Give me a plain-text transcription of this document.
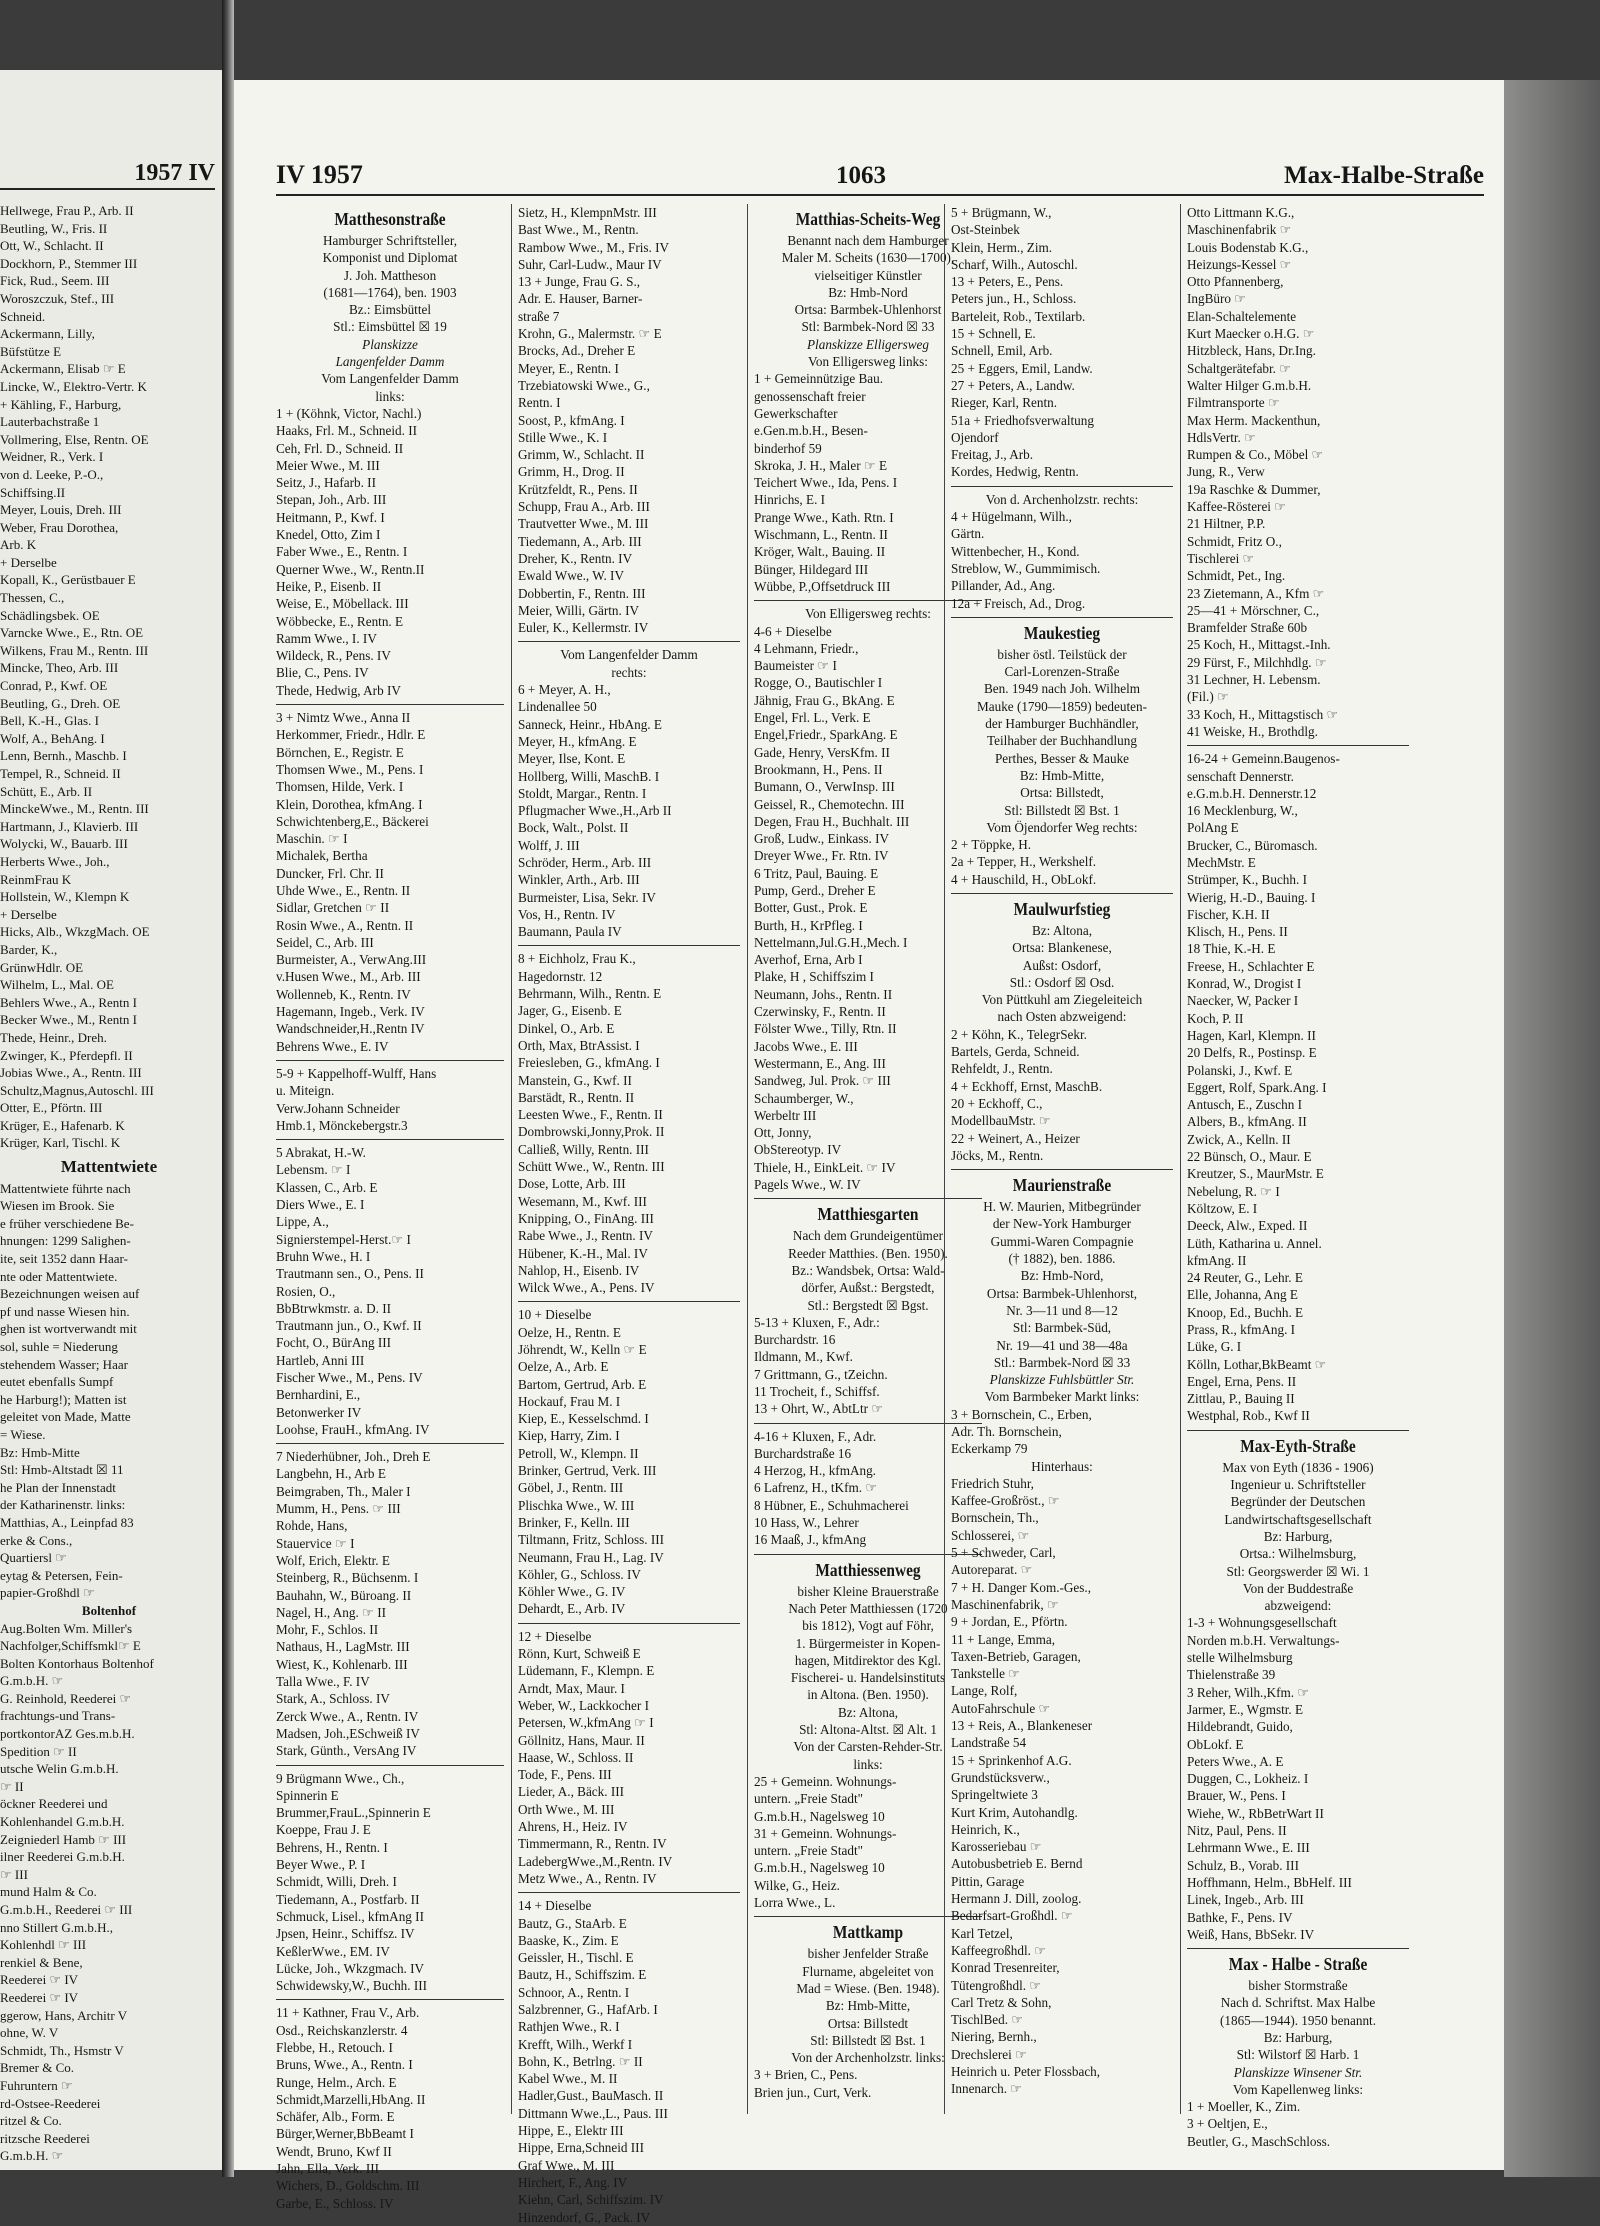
1957 IV
Hellwege, Frau P., Arb. II
Beutling, W., Fris. II
Ott, W., Schlacht. II
Dockhorn, P., Stemmer III
Fick, Rud., Seem. III
Woroszczuk, Stef., III
Schneid.
Ackermann, Lilly,
Büfstütze E
Ackermann, Elisab ☞ E
Lincke, W., Elektro-Vertr. K
+ Kähling, F., Harburg,
Lauterbachstraße 1
Vollmering, Else, Rentn. OE
Weidner, R., Verk. I
von d. Leeke, P.-O.,
Schiffsing.II
Meyer, Louis, Dreh. III
Weber, Frau Dorothea,
Arb. K
+ Derselbe
Kopall, K., Gerüstbauer E
Thessen, C.,
Schädlingsbek. OE
Varncke Wwe., E., Rtn. OE
Wilkens, Frau M., Rentn. III
Mincke, Theo, Arb. III
Conrad, P., Kwf. OE
Beutling, G., Dreh. OE
Bell, K.-H., Glas. I
Wolf, A., BehAng. I
Lenn, Bernh., Maschb. I
Tempel, R., Schneid. II
Schütt, E., Arb. II
MinckeWwe., M., Rentn. III
Hartmann, J., Klavierb. III
Wolycki, W., Bauarb. III
Herberts Wwe., Joh.,
ReinmFrau K
Hollstein, W., Klempn K
+ Derselbe
Hicks, Alb., WkzgMach. OE
Barder, K.,
GrünwHdlr. OE
Wilhelm, L., Mal. OE
Behlers Wwe., A., Rentn I
Becker Wwe., M., Rentn I
Thede, Heinr., Dreh.
Zwinger, K., Pferdepfl. II
Jobias Wwe., A., Rentn. III
Schultz,Magnus,Autoschl. III
Otter, E., Pförtn. III
Krüger, E., Hafenarb. K
Krüger, Karl, Tischl. K
Mattentwiete
Mattentwiete führte nach
Wiesen im Brook. Sie
e früher verschiedene Be-
hnungen: 1299 Salighen-
ite, seit 1352 dann Haar-
nte oder Mattentwiete.
Bezeichnungen weisen auf
pf und nasse Wiesen hin.
ghen ist wortverwandt mit
sol, suhle = Niederung
stehendem Wasser; Haar
eutet ebenfalls Sumpf
he Harburg!); Matten ist
geleitet von Made, Matte
= Wiese.
Bz: Hmb-Mitte
Stl: Hmb-Altstadt ☒ 11
he Plan der Innenstadt
der Katharinenstr. links:
Matthias, A., Leinpfad 83
erke & Cons.,
Quartiersl ☞
eytag & Petersen, Fein-
papier-Großhdl ☞
Boltenhof
Aug.Bolten Wm. Miller's
Nachfolger,Schiffsmkl☞ E
Bolten Kontorhaus Boltenhof
G.m.b.H. ☞
G. Reinhold, Reederei ☞
frachtungs-und Trans-
portkontorAZ Ges.m.b.H.
Spedition ☞ II
utsche Welin G.m.b.H.
☞ II
öckner Reederei und
Kohlenhandel G.m.b.H.
Zeigniederl Hamb ☞ III
ilner Reederei G.m.b.H.
☞ III
mund Halm & Co.
G.m.b.H., Reederei ☞ III
nno Stillert G.m.b.H.,
Kohlenhdl ☞ III
renkiel & Bene,
Reederei ☞ IV
Reederei ☞ IV
ggerow, Hans, Architr V
ohne, W. V
Schmidt, Th., Hsmstr V
Bremer & Co.
Fuhruntern ☞
rd-Ostsee-Reederei
ritzel & Co.
ritzsche Reederei
G.m.b.H. ☞
IV 1957	1063	Max-Halbe-Straße
Matthesonstraße
Hamburger Schriftsteller,
Komponist und Diplomat
J. Joh. Mattheson
(1681—1764), ben. 1903
Bz.: Eimsbüttel
Stl.: Eimsbüttel ☒ 19
Planskizze
Langenfelder Damm
Vom Langenfelder Damm
links:
1 + (Köhnk, Victor, Nachl.)
Haaks, Frl. M., Schneid. II
Ceh, Frl. D., Schneid. II
Meier Wwe., M. III
Seitz, J., Hafarb. II
Stepan, Joh., Arb. III
Heitmann, P., Kwf. I
Knedel, Otto, Zim I
Faber Wwe., E., Rentn. I
Querner Wwe., W., Rentn.II
Heike, P., Eisenb. II
Weise, E., Möbellack. III
Wöbbecke, E., Rentn. E
Ramm Wwe., I. IV
Wildeck, R., Pens. IV
Blie, C., Pens. IV
Thede, Hedwig, Arb IV
3 + Nimtz Wwe., Anna II
Herkommer, Friedr., Hdlr. E
Börnchen, E., Registr. E
Thomsen Wwe., M., Pens. I
Thomsen, Hilde, Verk. I
Klein, Dorothea, kfmAng. I
Schwichtenberg,E., Bäckerei
Maschin. ☞ I
Michalek, Bertha
Duncker, Frl. Chr. II
Uhde Wwe., E., Rentn. II
Sidlar, Gretchen ☞ II
Rosin Wwe., A., Rentn. II
Seidel, C., Arb. III
Burmeister, A., VerwAng.III
v.Husen Wwe., M., Arb. III
Wollenneb, K., Rentn. IV
Hagemann, Ingeb., Verk. IV
Wandschneider,H.,Rentn IV
Behrens Wwe., E. IV
5-9 + Kappelhoff-Wulff, Hans
u. Miteign.
Verw.Johann Schneider
Hmb.1, Mönckebergstr.3
5 Abrakat, H.-W.
Lebensm. ☞ I
Klassen, C., Arb. E
Diers Wwe., E. I
Lippe, A.,
Signierstempel-Herst.☞ I
Bruhn Wwe., H. I
Trautmann sen., O., Pens. II
Rosien, O.,
BbBtrwkmstr. a. D. II
Trautmann jun., O., Kwf. II
Focht, O., BürAng III
Hartleb, Anni III
Fischer Wwe., M., Pens. IV
Bernhardini, E.,
Betonwerker IV
Loohse, FrauH., kfmAng. IV
7 Niederhübner, Joh., Dreh E
Langbehn, H., Arb E
Beimgraben, Th., Maler I
Mumm, H., Pens. ☞ III
Rohde, Hans,
Stauervice ☞ I
Wolf, Erich, Elektr. E
Steinberg, R., Büchsenm. I
Bauhahn, W., Büroang. II
Nagel, H., Ang. ☞ II
Mohr, F., Schlos. II
Nathaus, H., LagMstr. III
Wiest, K., Kohlenarb. III
Talla Wwe., F. IV
Stark, A., Schloss. IV
Zerck Wwe., A., Rentn. IV
Madsen, Joh.,ESchweiß IV
Stark, Günth., VersAng IV
9 Brügmann Wwe., Ch.,
Spinnerin E
Brummer,FrauL.,Spinnerin E
Koeppe, Frau J. E
Behrens, H., Rentn. I
Beyer Wwe., P. I
Schmidt, Willi, Dreh. I
Tiedemann, A., Postfarb. II
Schmuck, Lisel., kfmAng II
Jpsen, Heinr., Schiffsz. IV
KeßlerWwe., EM. IV
Lücke, Joh., Wkzgmach. IV
Schwidewsky,W., Buchh. III
11 + Kathner, Frau V., Arb.
Osd., Reichskanzlerstr. 4
Flebbe, H., Retouch. I
Bruns, Wwe., A., Rentn. I
Runge, Helm., Arch. E
Schmidt,Marzelli,HbAng. II
Schäfer, Alb., Form. E
Bürger,Werner,BbBeamt I
Wendt, Bruno, Kwf II
Jahn, Ella, Verk. III
Wichers, D., Goldschm. III
Garbe, E., Schloss. IV
Sietz, H., KlempnMstr. III
Bast Wwe., M., Rentn.
Rambow Wwe., M., Fris. IV
Suhr, Carl-Ludw., Maur IV
13 + Junge, Frau G. S.,
Adr. E. Hauser, Barner-
straße 7
Krohn, G., Malermstr. ☞ E
Brocks, Ad., Dreher E
Meyer, E., Rentn. I
Trzebiatowski Wwe., G.,
Rentn. I
Soost, P., kfmAng. I
Stille Wwe., K. I
Grimm, W., Schlacht. II
Grimm, H., Drog. II
Krützfeldt, R., Pens. II
Schupp, Frau A., Arb. III
Trautvetter Wwe., M. III
Tiedemann, A., Arb. III
Dreher, K., Rentn. IV
Ewald Wwe., W. IV
Dobbertin, F., Rentn. III
Meier, Willi, Gärtn. IV
Euler, K., Kellermstr. IV
Vom Langenfelder Damm
rechts:
6 + Meyer, A. H.,
Lindenallee 50
Sanneck, Heinr., HbAng. E
Meyer, H., kfmAng. E
Meyer, Ilse, Kont. E
Hollberg, Willi, MaschB. I
Stoldt, Margar., Rentn. I
Pflugmacher Wwe.,H.,Arb II
Bock, Walt., Polst. II
Wolff, J. III
Schröder, Herm., Arb. III
Winkler, Arth., Arb. III
Burmeister, Lisa, Sekr. IV
Vos, H., Rentn. IV
Baumann, Paula IV
8 + Eichholz, Frau K.,
Hagedornstr. 12
Behrmann, Wilh., Rentn. E
Jager, G., Eisenb. E
Dinkel, O., Arb. E
Orth, Max, BtrAssist. I
Freiesleben, G., kfmAng. I
Manstein, G., Kwf. II
Barstädt, R., Rentn. II
Leesten Wwe., F., Rentn. II
Dombrowski,Jonny,Prok. II
Calließ, Willy, Rentn. III
Schütt Wwe., W., Rentn. III
Dose, Lotte, Arb. III
Wesemann, M., Kwf. III
Knipping, O., FinAng. III
Rabe Wwe., J., Rentn. IV
Hübener, K.-H., Mal. IV
Nahlop, H., Eisenb. IV
Wilck Wwe., A., Pens. IV
10 + Dieselbe
Oelze, H., Rentn. E
Jöhrendt, W., Kelln ☞ E
Oelze, A., Arb. E
Bartom, Gertrud, Arb. E
Hockauf, Frau M. I
Kiep, E., Kesselschmd. I
Kiep, Harry, Zim. I
Petroll, W., Klempn. II
Brinker, Gertrud, Verk. III
Göbel, J., Rentn. III
Plischka Wwe., W. III
Brinker, F., Kelln. III
Tiltmann, Fritz, Schloss. III
Neumann, Frau H., Lag. IV
Köhler, G., Schloss. IV
Köhler Wwe., G. IV
Dehardt, E., Arb. IV
12 + Dieselbe
Rönn, Kurt, Schweiß E
Lüdemann, F., Klempn. E
Arndt, Max, Maur. I
Weber, W., Lackkocher I
Petersen, W.,kfmAng ☞ I
Göllnitz, Hans, Maur. II
Haase, W., Schloss. II
Tode, F., Pens. III
Lieder, A., Bäck. III
Orth Wwe., M. III
Ahrens, H., Heiz. IV
Timmermann, R., Rentn. IV
LadebergWwe.,M.,Rentn. IV
Metz Wwe., A., Rentn. IV
14 + Dieselbe
Bautz, G., StaArb. E
Baaske, K., Zim. E
Geissler, H., Tischl. E
Bautz, H., Schiffszim. E
Schnoor, A., Rentn. I
Salzbrenner, G., HafArb. I
Rathjen Wwe., R. I
Krefft, Wilh., Werkf I
Bohn, K., Betrlng. ☞ II
Kabel Wwe., M. II
Hadler,Gust., BauMasch. II
Dittmann Wwe.,L., Paus. III
Hippe, E., Elektr III
Hippe, Erna,Schneid III
Graf Wwe., M. III
Hirchert, F., Ang. IV
Kiehn, Carl, Schiffszim. IV
Hinzendorf, G., Pack. IV
Matthias-Scheits-Weg
Benannt nach dem Hamburger
Maler M. Scheits (1630—1700),
vielseitiger Künstler
Bz: Hmb-Nord
Ortsa: Barmbek-Uhlenhorst
Stl: Barmbek-Nord ☒ 33
Planskizze Elligersweg
Von Elligersweg links:
1 + Gemeinnützige Bau.
genossenschaft freier
Gewerkschafter
e.Gen.m.b.H., Besen-
binderhof 59
Skroka, J. H., Maler ☞ E
Teichert Wwe., Ida, Pens. I
Hinrichs, E. I
Prange Wwe., Kath. Rtn. I
Wischmann, L., Rentn. II
Kröger, Walt., Bauing. II
Bünger, Hildegard III
Wübbe, P.,Offsetdruck III
Von Elligersweg rechts:
4-6 + Dieselbe
4 Lehmann, Friedr.,
Baumeister ☞ I
Rogge, O., Bautischler I
Jähnig, Frau G., BkAng. E
Engel, Frl. L., Verk. E
Engel,Friedr., SparkAng. E
Gade, Henry, VersKfm. II
Brookmann, H., Pens. II
Bumann, O., VerwInsp. III
Geissel, R., Chemotechn. III
Degen, Frau H., Buchhalt. III
Groß, Ludw., Einkass. IV
Dreyer Wwe., Fr. Rtn. IV
6 Tritz, Paul, Bauing. E
Pump, Gerd., Dreher E
Botter, Gust., Prok. E
Burth, H., KrPfleg. I
Nettelmann,Jul.G.H.,Mech. I
Averhof, Erna, Arb I
Plake, H , Schiffszim I
Neumann, Johs., Rentn. II
Czerwinsky, F., Rentn. II
Fölster Wwe., Tilly, Rtn. II
Jacobs Wwe., E. III
Westermann, E., Ang. III
Sandweg, Jul. Prok. ☞ III
Schaumberger, W.,
Werbeltr III
Ott, Jonny,
ObStereotyp. IV
Thiele, H., EinkLeit. ☞ IV
Pagels Wwe., W. IV
Matthiesgarten
Nach dem Grundeigentümer
Reeder Matthies. (Ben. 1950).
Bz.: Wandsbek, Ortsa: Wald-
dörfer, Außst.: Bergstedt,
Stl.: Bergstedt ☒ Bgst.
5-13 + Kluxen, F., Adr.:
Burchardstr. 16
Ildmann, M., Kwf.
7 Grittmann, G., tZeichn.
11 Trocheit, f., Schiffsf.
13 + Ohrt, W., AbtLtr ☞
4-16 + Kluxen, F., Adr.
Burchardstraße 16
4 Herzog, H., kfmAng.
6 Lafrenz, H., tKfm. ☞
8 Hübner, E., Schuhmacherei
10 Hass, W., Lehrer
16 Maaß, J., kfmAng
Matthiessenweg
bisher Kleine Brauerstraße
Nach Peter Matthiessen (1720
bis 1812), Vogt auf Föhr,
1. Bürgermeister in Kopen-
hagen, Mitdirektor des Kgl.
Fischerei- u. Handelsinstituts
in Altona. (Ben. 1950).
Bz: Altona,
Stl: Altona-Altst. ☒ Alt. 1
Von der Carsten-Rehder-Str.
links:
25 + Gemeinn. Wohnungs-
untern. „Freie Stadt"
G.m.b.H., Nagelsweg 10
31 + Gemeinn. Wohnungs-
untern. „Freie Stadt"
G.m.b.H., Nagelsweg 10
Wilke, G., Heiz.
Lorra Wwe., L.
Mattkamp
bisher Jenfelder Straße
Flurname, abgeleitet von
Mad = Wiese. (Ben. 1948).
Bz: Hmb-Mitte,
Ortsa: Billstedt
Stl: Billstedt ☒ Bst. 1
Von der Archenholzstr. links:
3 + Brien, C., Pens.
Brien jun., Curt, Verk.
5 + Brügmann, W.,
Ost-Steinbek
Klein, Herm., Zim.
Scharf, Wilh., Autoschl.
13 + Peters, E., Pens.
Peters jun., H., Schloss.
Barteleit, Rob., Textilarb.
15 + Schnell, E.
Schnell, Emil, Arb.
25 + Eggers, Emil, Landw.
27 + Peters, A., Landw.
Rieger, Karl, Rentn.
51a + Friedhofsverwaltung
Ojendorf
Freitag, J., Arb.
Kordes, Hedwig, Rentn.
Von d. Archenholzstr. rechts:
4 + Hügelmann, Wilh.,
Gärtn.
Wittenbecher, H., Kond.
Streblow, W., Gummimisch.
Pillander, Ad., Ang.
12a + Freisch, Ad., Drog.
Maukestieg
bisher östl. Teilstück der
Carl-Lorenzen-Straße
Ben. 1949 nach Joh. Wilhelm
Mauke (1790—1859) bedeuten-
der Hamburger Buchhändler,
Teilhaber der Buchhandlung
Perthes, Besser & Mauke
Bz: Hmb-Mitte,
Ortsa: Billstedt,
Stl: Billstedt ☒ Bst. 1
Vom Öjendorfer Weg rechts:
2 + Töppke, H.
2a + Tepper, H., Werkshelf.
4 + Hauschild, H., ObLokf.
Maulwurfstieg
Bz: Altona,
Ortsa: Blankenese,
Außst: Osdorf,
Stl.: Osdorf ☒ Osd.
Von Püttkuhl am Ziegeleiteich
nach Osten abzweigend:
2 + Köhn, K., TelegrSekr.
Bartels, Gerda, Schneid.
Rehfeldt, J., Rentn.
4 + Eckhoff, Ernst, MaschB.
20 + Eckhoff, C.,
ModellbauMstr. ☞
22 + Weinert, A., Heizer
Jöcks, M., Rentn.
Maurienstraße
H. W. Maurien, Mitbegründer
der New-York Hamburger
Gummi-Waren Compagnie
(† 1882), ben. 1886.
Bz: Hmb-Nord,
Ortsa: Barmbek-Uhlenhorst,
Nr. 3—11 und 8—12
Stl: Barmbek-Süd,
Nr. 19—41 und 38—48a
Stl.: Barmbek-Nord ☒ 33
Planskizze Fuhlsbüttler Str.
Vom Barmbeker Markt links:
3 + Bornschein, C., Erben,
Adr. Th. Bornschein,
Eckerkamp 79
Hinterhaus:
Friedrich Stuhr,
Kaffee-Großröst., ☞
Bornschein, Th.,
Schlosserei, ☞
5 + Schweder, Carl,
Autoreparat. ☞
7 + H. Danger Kom.-Ges.,
Maschinenfabrik, ☞
9 + Jordan, E., Pförtn.
11 + Lange, Emma,
Taxen-Betrieb, Garagen,
Tankstelle ☞
Lange, Rolf,
AutoFahrschule ☞
13 + Reis, A., Blankeneser
Landstraße 54
15 + Sprinkenhof A.G.
Grundstücksverw.,
Springeltwiete 3
Kurt Krim, Autohandlg.
Heinrich, K.,
Karosseriebau ☞
Autobusbetrieb E. Bernd
Pittin, Garage
Hermann J. Dill, zoolog.
Bedarfsart-Großhdl. ☞
Karl Tetzel,
Kaffeegroßhdl. ☞
Konrad Tresenreiter,
Tütengroßhdl. ☞
Carl Tretz & Sohn,
TischlBed. ☞
Niering, Bernh.,
Drechslerei ☞
Heinrich u. Peter Flossbach,
Innenarch. ☞
Otto Littmann K.G.,
Maschinenfabrik ☞
Louis Bodenstab K.G.,
Heizungs-Kessel ☞
Otto Pfannenberg,
IngBüro ☞
Elan-Schaltelemente
Kurt Maecker o.H.G. ☞
Hitzbleck, Hans, Dr.Ing.
Schaltgerätefabr. ☞
Walter Hilger G.m.b.H.
Filmtransporte ☞
Max Herm. Mackenthun,
HdlsVertr. ☞
Rumpen & Co., Möbel ☞
Jung, R., Verw
19a Raschke & Dummer,
Kaffee-Rösterei ☞
21 Hiltner, P.P.
Schmidt, Fritz O.,
Tischlerei ☞
Schmidt, Pet., Ing.
23 Zietemann, A., Kfm ☞
25—41 + Mörschner, C.,
Bramfelder Straße 60b
25 Koch, H., Mittagst.-Inh.
29 Fürst, F., Milchhdlg. ☞
31 Lechner, H. Lebensm.
(Fil.) ☞
33 Koch, H., Mittagstisch ☞
41 Weiske, H., Brothdlg.
16-24 + Gemeinn.Baugenos-
senschaft Dennerstr.
e.G.m.b.H. Dennerstr.12
16 Mecklenburg, W.,
PolAng E
Brucker, C., Büromasch.
MechMstr. E
Strümper, K., Buchh. I
Wierig, H.-D., Bauing. I
Fischer, K.H. II
Klisch, H., Pens. II
18 Thie, K.-H. E
Freese, H., Schlachter E
Konrad, W., Drogist I
Naecker, W, Packer I
Koch, P. II
Hagen, Karl, Klempn. II
20 Delfs, R., Postinsp. E
Polanski, J., Kwf. E
Eggert, Rolf, Spark.Ang. I
Antusch, E., Zuschn I
Albers, B., kfmAng. II
Zwick, A., Kelln. II
22 Bünsch, O., Maur. E
Kreutzer, S., MaurMstr. E
Nebelung, R. ☞ I
Költzow, E. I
Deeck, Alw., Exped. II
Lüth, Katharina u. Annel.
kfmAng. II
24 Reuter, G., Lehr. E
Elle, Johanna, Ang E
Knoop, Ed., Buchh. E
Prass, R., kfmAng. I
Lüke, G. I
Kölln, Lothar,BkBeamt ☞
Engel, Erna, Pens. II
Zittlau, P., Bauing II
Westphal, Rob., Kwf II
Max-Eyth-Straße
Max von Eyth (1836 - 1906)
Ingenieur u. Schriftsteller
Begründer der Deutschen
Landwirtschaftsgesellschaft
Bz: Harburg,
Ortsa.: Wilhelmsburg,
Stl: Georgswerder ☒ Wi. 1
Von der Buddestraße
abzweigend:
1-3 + Wohnungsgesellschaft
Norden m.b.H. Verwaltungs-
stelle Wilhelmsburg
Thielenstraße 39
3 Reher, Wilh.,Kfm. ☞
Jarmer, E., Wgmstr. E
Hildebrandt, Guido,
ObLokf. E
Peters Wwe., A. E
Duggen, C., Lokheiz. I
Brauer, W., Pens. I
Wiehe, W., RbBetrWart II
Nitz, Paul, Pens. II
Lehrmann Wwe., E. III
Schulz, B., Vorab. III
Hoffhmann, Helm., BbHelf. III
Linek, Ingeb., Arb. III
Bathke, F., Pens. IV
Weiß, Hans, BbSekr. IV
Max - Halbe - Straße
bisher Stormstraße
Nach d. Schriftst. Max Halbe
(1865—1944). 1950 benannt.
Bz: Harburg,
Stl: Wilstorf ☒ Harb. 1
Planskizze Winsener Str.
Vom Kapellenweg links:
1 + Moeller, K., Zim.
3 + Oeltjen, E.,
Beutler, G., MaschSchloss.
